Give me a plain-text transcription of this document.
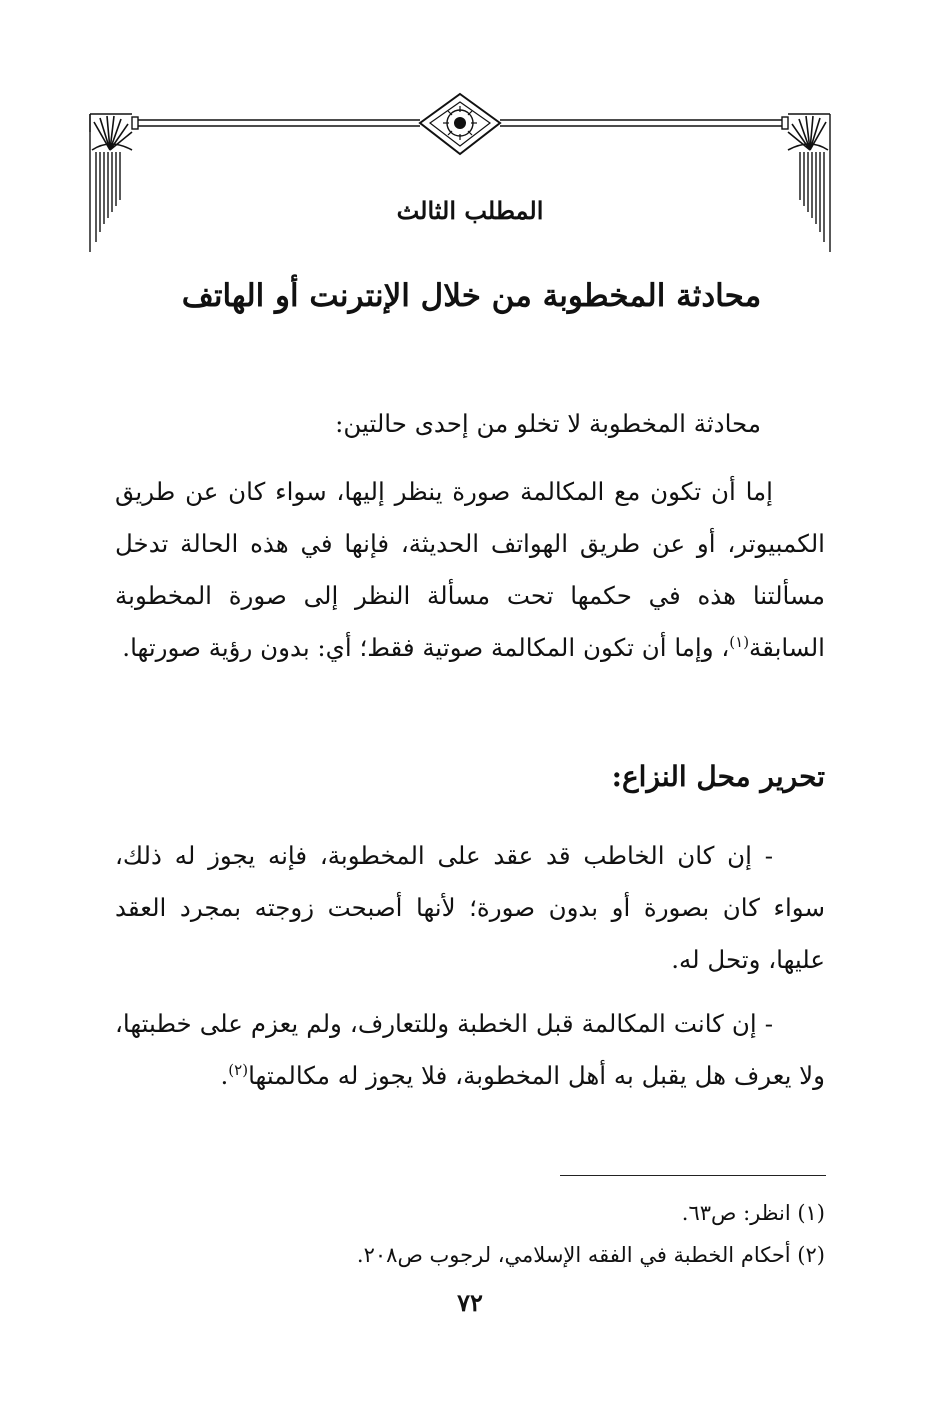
المطلب الثالث
محادثة المخطوبة من خلال الإنترنت أو الهاتف

محادثة المخطوبة لا تخلو من إحدى حالتين:

إما أن تكون مع المكالمة صورة ينظر إليها، سواء كان عن طريق الكمبيوتر، أو عن طريق الهواتف الحديثة، فإنها في هذه الحالة تدخل مسألتنا هذه في حكمها تحت مسألة النظر إلى صورة المخطوبة السابقة$^{(١)}$، وإما أن تكون المكالمة صوتية فقط؛ أي: بدون رؤية صورتها.

تحرير محل النزاع:

- إن كان الخاطب قد عقد على المخطوبة، فإنه يجوز له ذلك، سواء كان بصورة أو بدون صورة؛ لأنها أصبحت زوجته بمجرد العقد عليها، وتحل له.

- إن كانت المكالمة قبل الخطبة وللتعارف، ولم يعزم على خطبتها، ولا يعرف هل يقبل به أهل المخطوبة، فلا يجوز له مكالمتها$^{(٢)}$.

(١) انظر: ص٦٣.
(٢) أحكام الخطبة في الفقه الإسلامي، لرجوب ص٢٠٨.
٧٢
